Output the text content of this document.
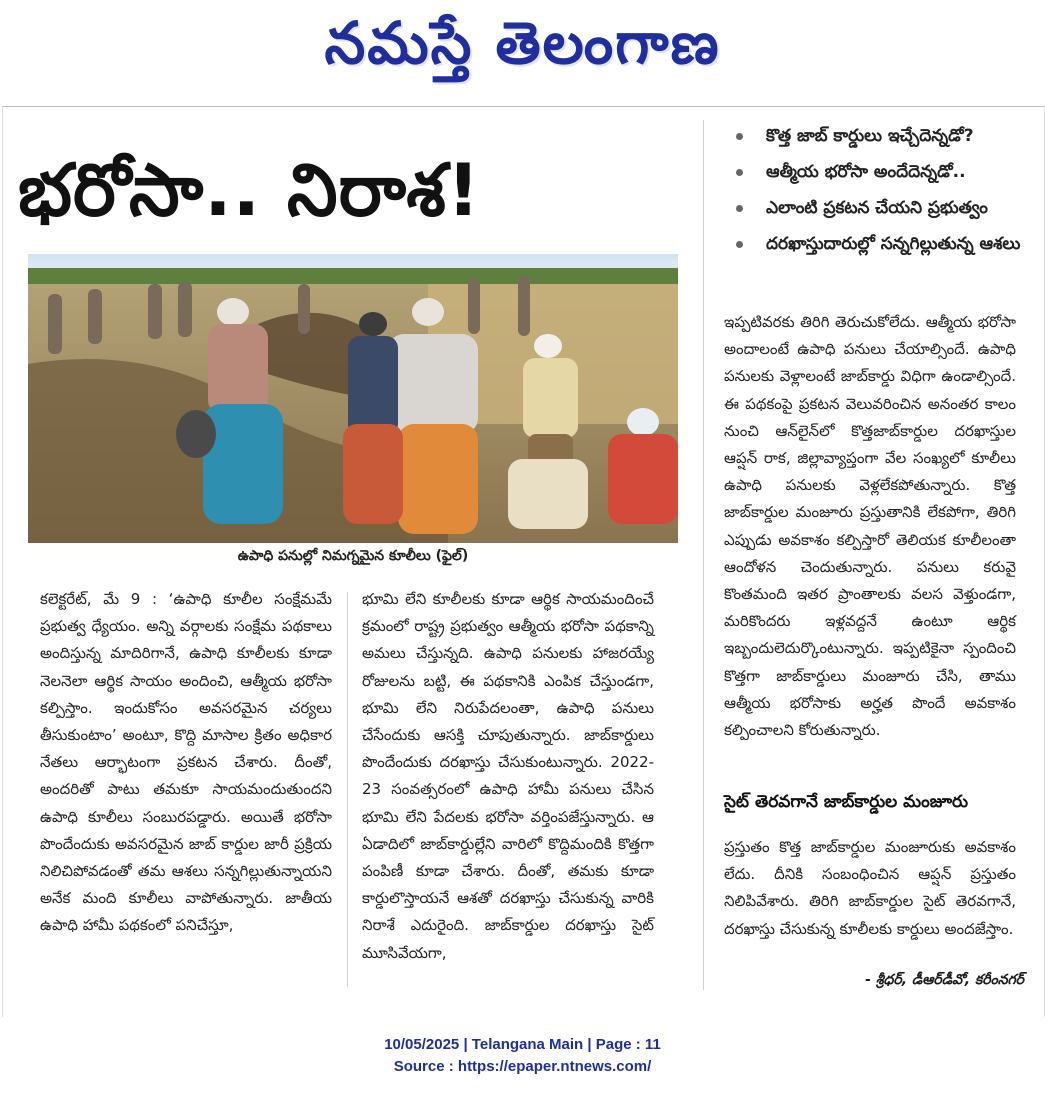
నమస్తే తెలంగాణ
భరోసా.. నిరాశ!
కొత్త జాబ్‌ కార్డులు ఇచ్చేదెన్నడో?
ఆత్మీయ భరోసా అందేదెన్నడో..
ఎలాంటి ప్రకటన చేయని ప్రభుత్వం
దరఖాస్తుదారుల్లో సన్నగిల్లుతున్న ఆశలు
ఉపాధి పనుల్లో నిమగ్నమైన కూలీలు (ఫైల్‌)

కలెక్టరేట్‌, మే 9 : ‘ఉపాధి కూలీల సంక్షేమమే ప్రభుత్వ ధ్యేయం. అన్ని వర్గాలకు సంక్షేమ పథకాలు అందిస్తున్న మాదిరిగానే, ఉపాధి కూలీలకు కూడా నెలనెలా ఆర్థిక సాయం అందించి, ఆత్మీయ భరోసా కల్పిస్తాం. ఇందుకోసం అవసరమైన చర్యలు తీసుకుంటాం’ అంటూ, కొద్ది మాసాల క్రితం అధికార నేతలు ఆర్భాటంగా ప్రకటన చేశారు. దీంతో, అందరితో పాటు తమకూ సాయమందుతుందని ఉపాధి కూలీలు సంబురపడ్డారు. అయితే భరోసా పొందేందుకు అవసరమైన జాబ్‌ కార్డుల జారీ ప్రక్రియ నిలిచిపోవడంతో తమ ఆశలు సన్నగిల్లుతున్నాయని అనేక మంది కూలీలు వాపోతున్నారు. జాతీయ ఉపాధి హామీ పథకంలో పనిచేస్తూ,

భూమి లేని కూలీలకు కూడా ఆర్థిక సాయమందించే క్రమంలో రాష్ట్ర ప్రభుత్వం ఆత్మీయ భరోసా పథకాన్ని అమలు చేస్తున్నది. ఉపాధి పనులకు హాజరయ్యే రోజులను బట్టి, ఈ పథకానికి ఎంపిక చేస్తుండగా, భూమి లేని నిరుపేదలంతా, ఉపాధి పనులు చేసేందుకు ఆసక్తి చూపుతున్నారు. జాబ్‌కార్డులు పొందేందుకు దరఖాస్తు చేసుకుంటున్నారు. 2022-23 సంవత్సరంలో ఉపాధి హామీ పనులు చేసిన భూమి లేని పేదలకు భరోసా వర్తింపజేస్తున్నారు. ఆ ఏడాదిలో జాబ్‌కార్డుల్లేని వారిలో కొద్దిమందికి కొత్తగా పంపిణీ కూడా చేశారు. దీంతో, తమకు కూడా కార్డులొస్తాయనే ఆశతో దరఖాస్తు చేసుకున్న వారికి నిరాశే ఎదురైంది. జాబ్‌కార్డుల దరఖాస్తు సైట్‌ మూసివేయగా,

ఇప్పటివరకు తిరిగి తెరుచుకోలేదు. ఆత్మీయ భరోసా అందాలంటే ఉపాధి పనులు చేయాల్సిందే. ఉపాధి పనులకు వెళ్లాలంటే జాబ్‌కార్డు విధిగా ఉండాల్సిందే. ఈ పథకంపై ప్రకటన వెలువరించిన అనంతర కాలం నుంచి ఆన్‌లైన్‌లో కొత్తజాబ్‌కార్డుల దరఖాస్తుల ఆప్షన్‌ రాక, జిల్లావ్యాప్తంగా వేల సంఖ్యలో కూలీలు ఉపాధి పనులకు వెళ్లలేకపోతున్నారు. కొత్త జాబ్‌కార్డుల మంజూరు ప్రస్తుతానికి లేకపోగా, తిరిగి ఎప్పుడు అవకాశం కల్పిస్తారో తెలియక కూలీలంతా ఆందోళన చెందుతున్నారు. పనులు కరువై కొంతమంది ఇతర ప్రాంతాలకు వలస వెళ్తుండగా, మరికొందరు ఇళ్లవద్దనే ఉంటూ ఆర్థిక ఇబ్బందులెదుర్కొంటున్నారు. ఇప్పటికైనా స్పందించి కొత్తగా జాబ్‌కార్డులు మంజూరు చేసి, తాము ఆత్మీయ భరోసాకు అర్హత పొందే అవకాశం కల్పించాలని కోరుతున్నారు.

సైట్‌ తెరవగానే జాబ్‌కార్డుల మంజూరు

ప్రస్తుతం కొత్త జాబ్‌కార్డుల మంజూరుకు అవకాశం లేదు. దీనికి సంబంధించిన ఆప్షన్‌ ప్రస్తుతం నిలిపివేశారు. తిరిగి జాబ్‌కార్డుల సైట్‌ తెరవగానే, దరఖాస్తు చేసుకున్న కూలీలకు కార్డులు అందజేస్తాం.

- శ్రీధర్‌, డీఆర్‌డీవో, కరీంనగర్‌
10/05/2025 | Telangana Main | Page : 11
Source : https://epaper.ntnews.com/
